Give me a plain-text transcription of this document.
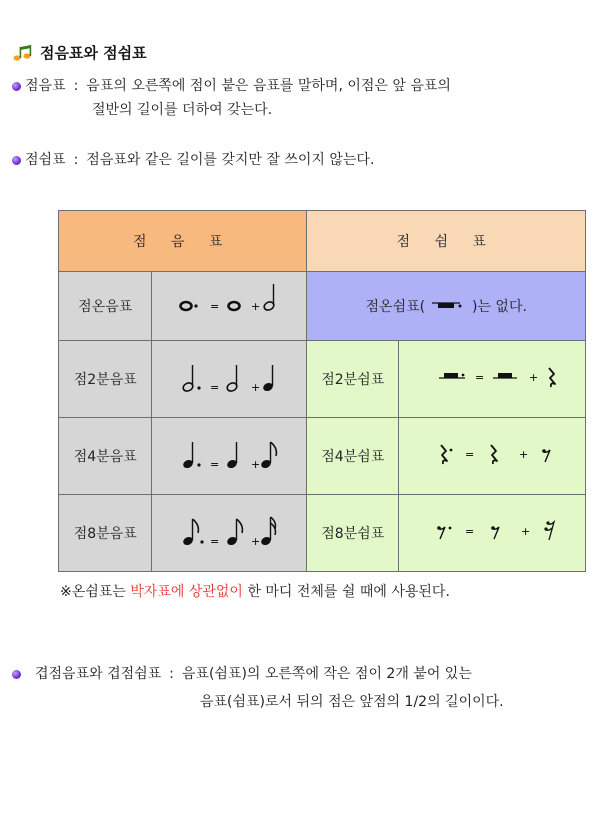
점음표와 점쉼표
점음표 : 음표의 오른쪽에 점이 붙은 음표를 말하며, 이점은 앞 음표의
절반의 길이를 더하여 갖는다.
점쉼표 : 점음표와 같은 길이를 갖지만 잘 쓰이지 않는다.
점 음 표		점 쉼 표	
점온음표	= +	점온쉼표( )는 없다.	
점2분음표	= +	점2분쉼표	= +

점4분음표	= +	점4분쉼표	= +

점8분음표	= +	점8분쉼표	= +
※온쉼표는 박자표에 상관없이 한 마디 전체를 쉴 때에 사용된다.
겹점음표와 겹점쉼표 : 음표(쉼표)의 오른쪽에 작은 점이 2개 붙어 있는
음표(쉼표)로서 뒤의 점은 앞점의 1/2의 길이이다.
